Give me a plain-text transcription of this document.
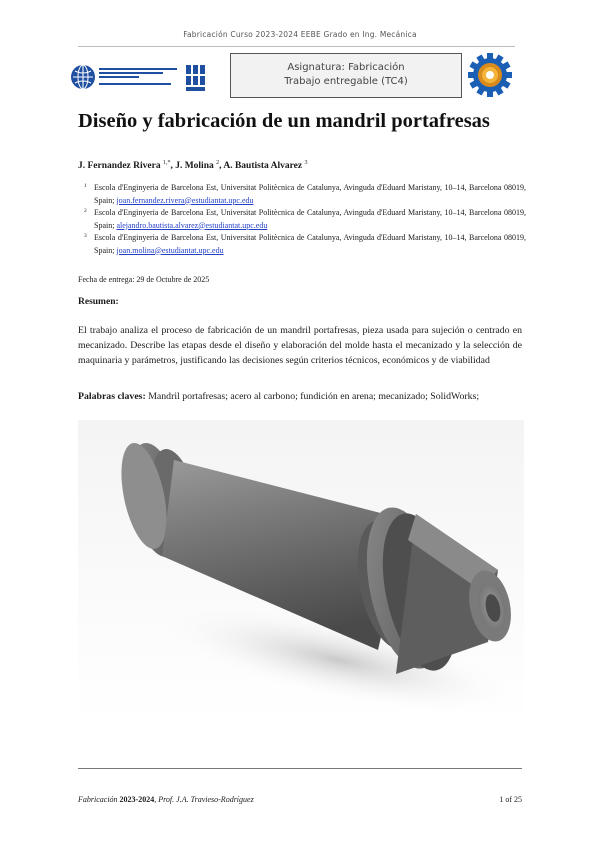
Fabricación Curso 2023-2024 EEBE Grado en Ing. Mecánica
Asignatura: Fabricación
Trabajo entregable (TC4)
Diseño y fabricación de un mandril portafresas
J. Fernandez Rivera $^{1,*}$, J. Molina $^2$, A. Bautista Alvarez $^3$
1 Escola d'Enginyeria de Barcelona Est, Universitat Politècnica de Catalunya, Avinguda d'Eduard Maristany, 10–14, Barcelona 08019, Spain; joan.fernandez.rivera@estudiantat.upc.edu
2 Escola d'Enginyeria de Barcelona Est, Universitat Politècnica de Catalunya, Avinguda d'Eduard Maristany, 10–14, Barcelona 08019, Spain; alejandro.bautista.alvarez@estudiantat.upc.edu
3 Escola d'Enginyeria de Barcelona Est, Universitat Politècnica de Catalunya, Avinguda d'Eduard Maristany, 10–14, Barcelona 08019, Spain; joan.molina@estudiantat.upc.edu
Fecha de entrega: 29 de Octubre de 2025
Resumen:
El trabajo analiza el proceso de fabricación de un mandril portafresas, pieza usada para sujeción o centrado en mecanizado. Describe las etapas desde el diseño y elaboración del molde hasta el mecanizado y la selección de maquinaria y parámetros, justificando las decisiones según criterios técnicos, económicos y de viabilidad
Palabras claves: Mandril portafresas; acero al carbono; fundición en arena; mecanizado; SolidWorks;
Fabricación 2023-2024, Prof. J.A. Travieso-Rodríguez	1 of 25
